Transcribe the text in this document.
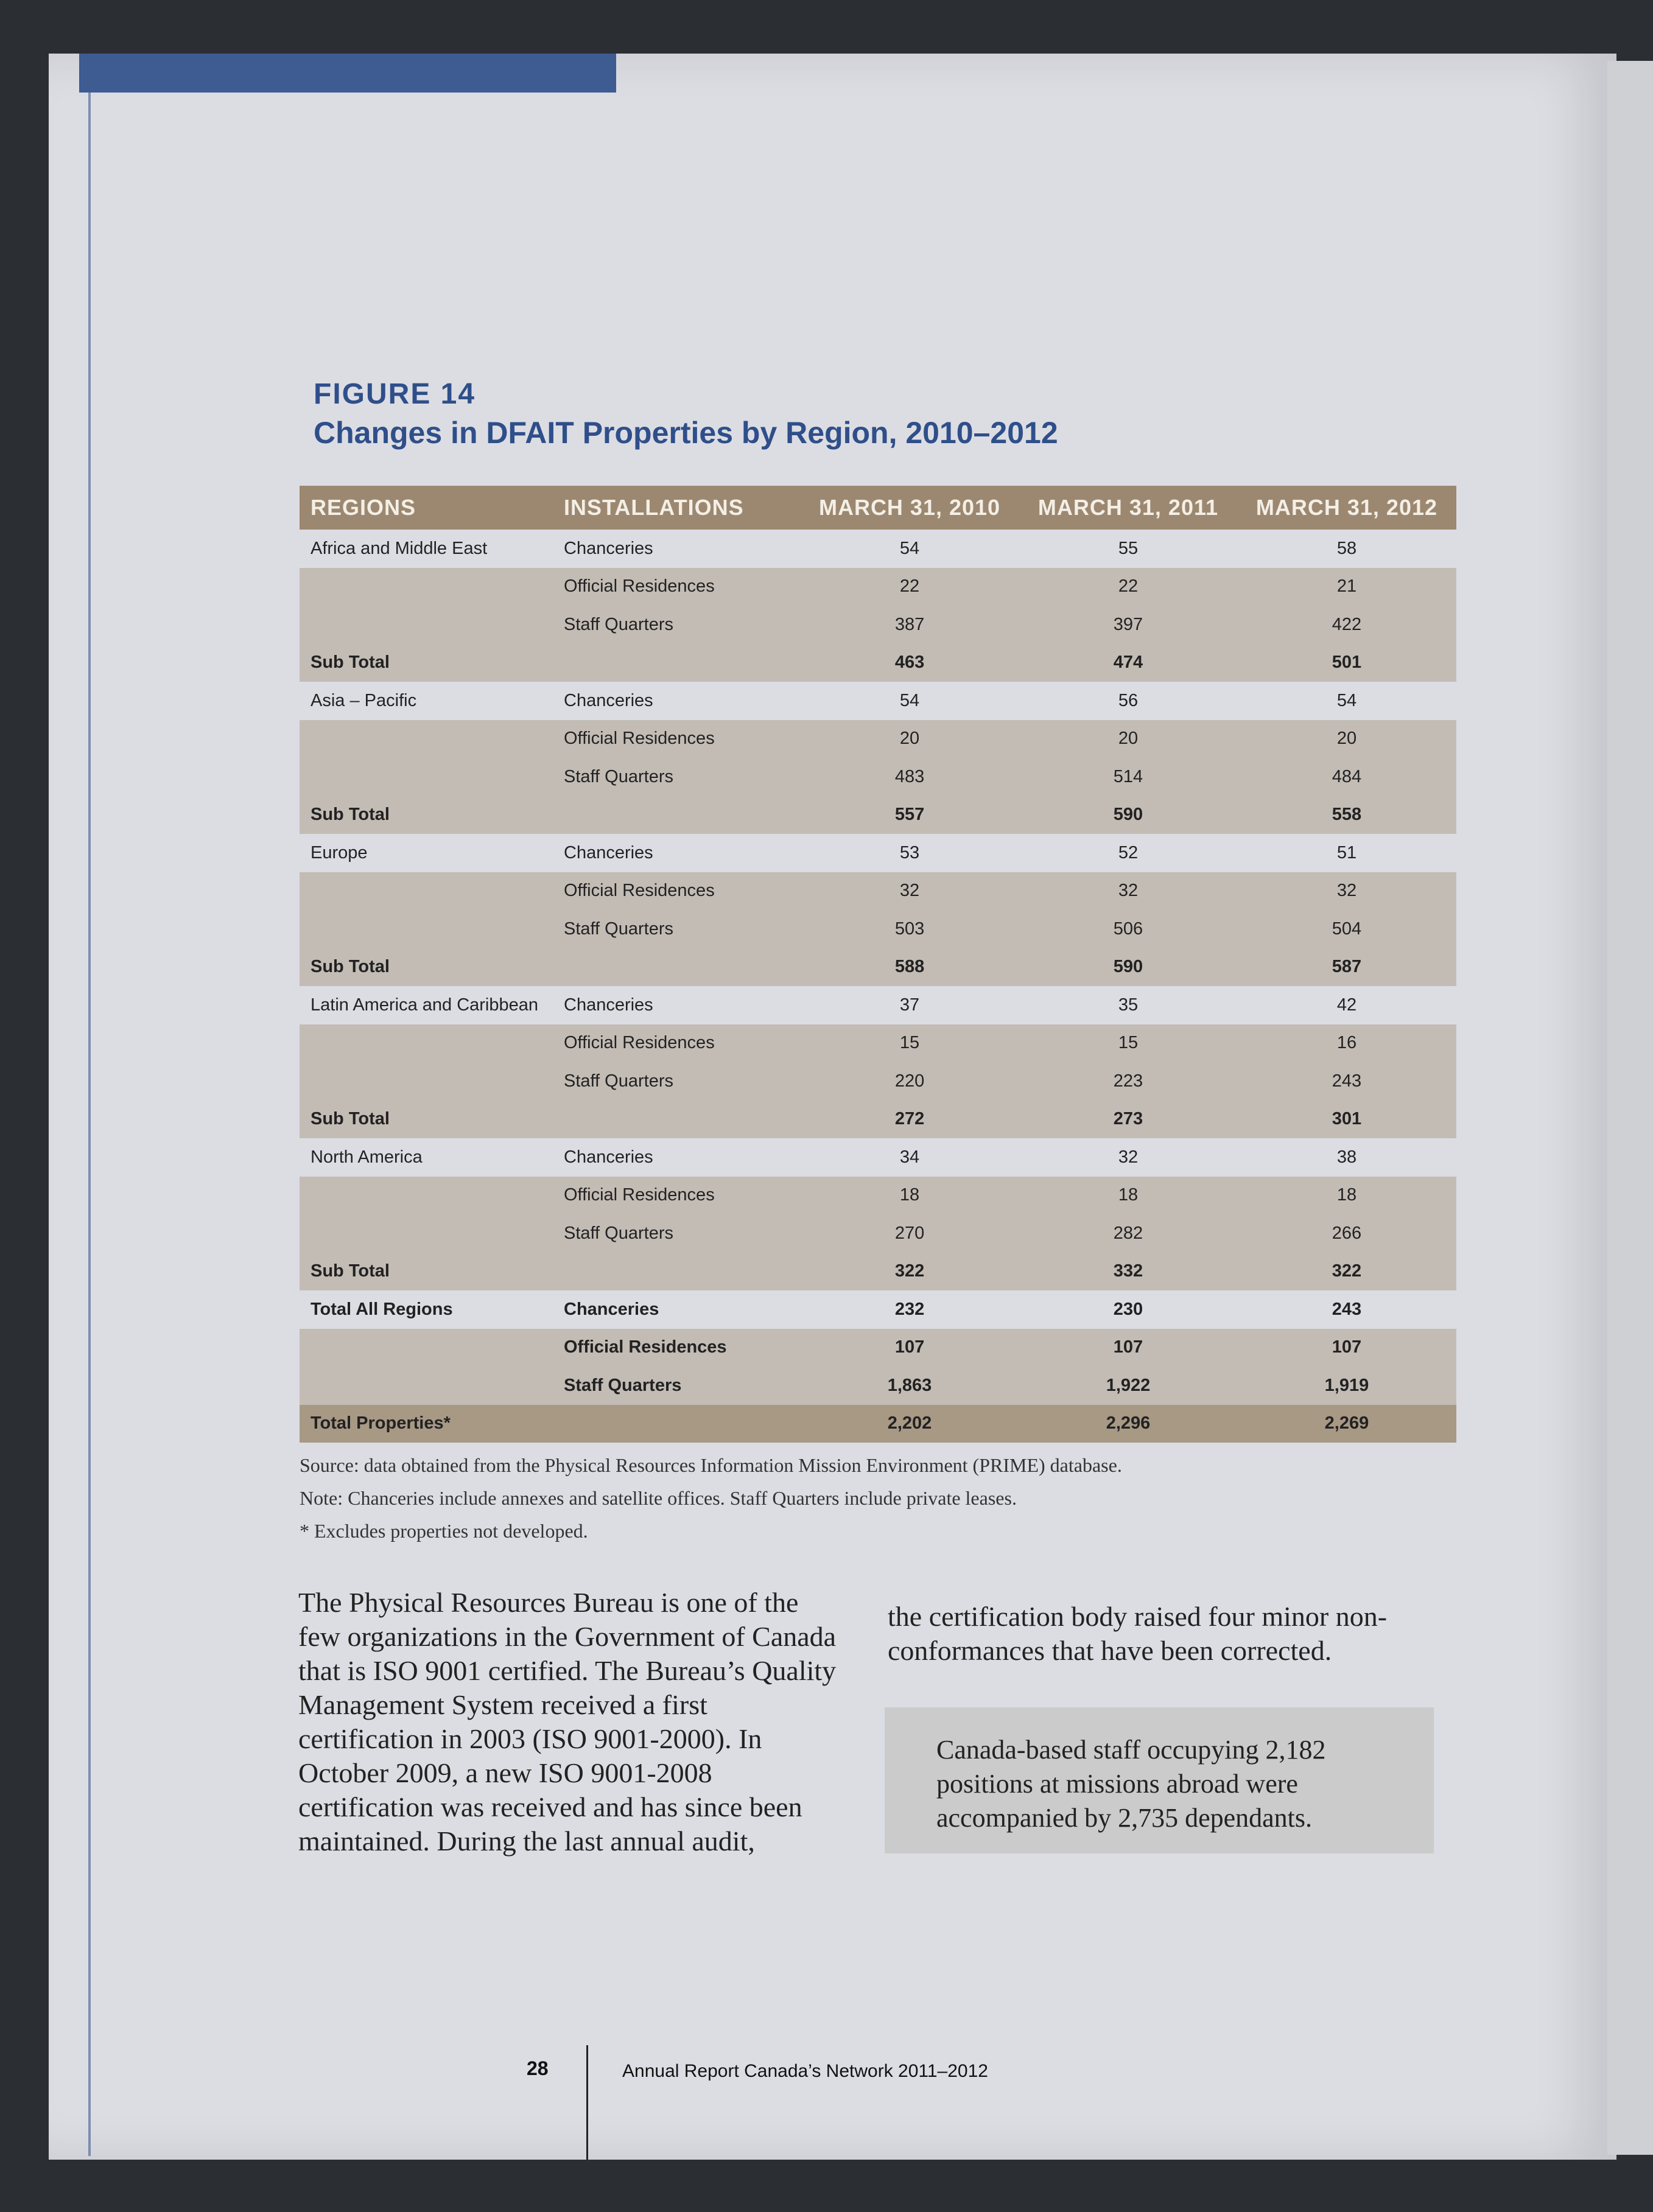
FIGURE 14
Changes in DFAIT Properties by Region, 2010–2012
REGIONS	INSTALLATIONS	MARCH 31, 2010	MARCH 31, 2011	MARCH 31, 2012
Africa and Middle East	Chanceries	54	55	58
	Official Residences	22	22	21
	Staff Quarters	387	397	422
Sub Total		463	474	501
Asia – Pacific	Chanceries	54	56	54
	Official Residences	20	20	20
	Staff Quarters	483	514	484
Sub Total		557	590	558
Europe	Chanceries	53	52	51
	Official Residences	32	32	32
	Staff Quarters	503	506	504
Sub Total		588	590	587
Latin America and Caribbean	Chanceries	37	35	42
	Official Residences	15	15	16
	Staff Quarters	220	223	243
Sub Total		272	273	301
North America	Chanceries	34	32	38
	Official Residences	18	18	18
	Staff Quarters	270	282	266
Sub Total		322	332	322
Total All Regions	Chanceries	232	230	243
	Official Residences	107	107	107
	Staff Quarters	1,863	1,922	1,919
Total Properties*		2,202	2,296	2,269
Source: data obtained from the Physical Resources Information Mission Environment (PRIME) database.
Note: Chanceries include annexes and satellite offices. Staff Quarters include private leases.
* Excludes properties not developed.
The Physical Resources Bureau is one of the few organizations in the Government of Canada that is ISO 9001 certified. The Bureau’s Quality Management System received a first certification in 2003 (ISO 9001-2000). In October 2009, a new ISO 9001-2008 certification was received and has since been maintained. During the last annual audit,
the certification body raised four minor non-conformances that have been corrected.
Canada-based staff occupying 2,182 positions at missions abroad were accompanied by 2,735 dependants.
28	Annual Report Canada’s Network 2011–2012
